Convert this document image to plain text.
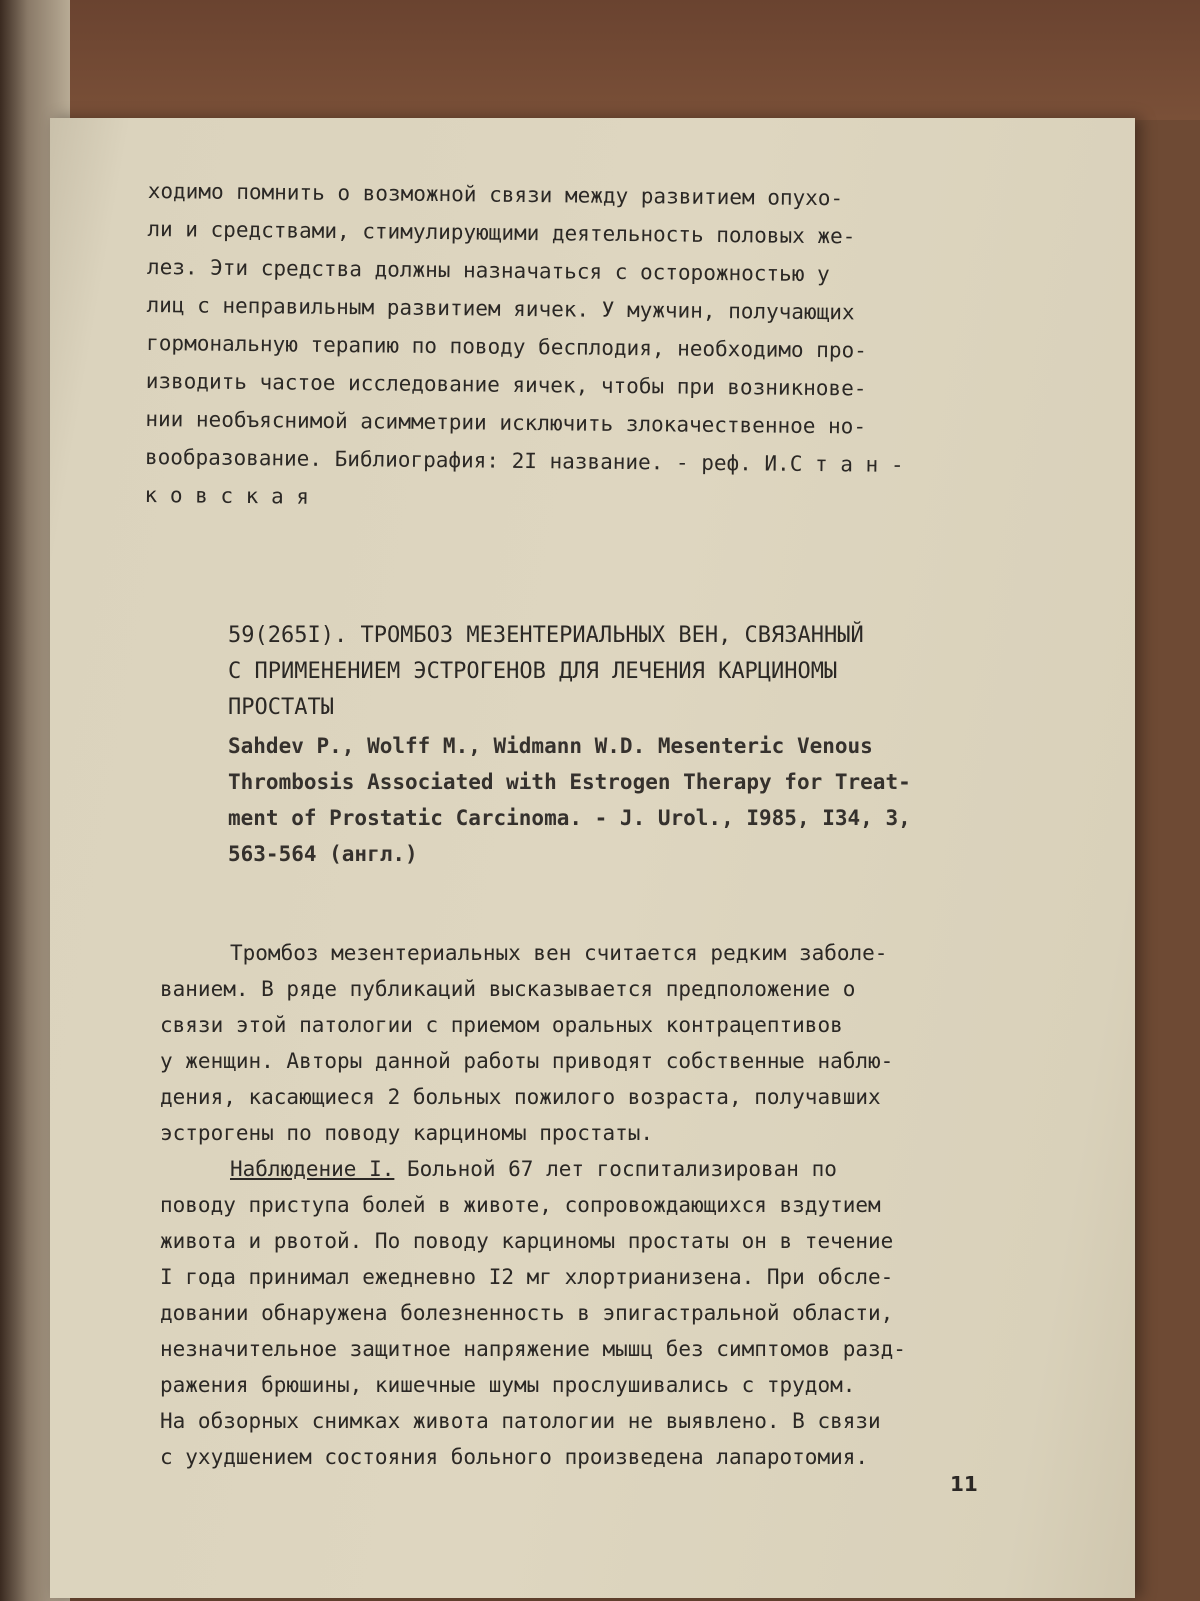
ходимо помнить о возможной связи между развитием опухо-
ли и средствами, стимулирующими деятельность половых же-
лез. Эти средства должны назначаться с осторожностью у
лиц с неправильным развитием яичек. У мужчин, получающих
гормональную терапию по поводу бесплодия, необходимо про-
изводить частое исследование яичек, чтобы при возникнове-
нии необъяснимой асимметрии исключить злокачественное но-
вообразование. Библиография: 2I название. - реф. И.С т а н -
к о в с к а я
59(265I). ТРОМБОЗ МЕЗЕНТЕРИАЛЬНЫХ ВЕН, СВЯЗАННЫЙ
С ПРИМЕНЕНИЕМ ЭСТРОГЕНОВ ДЛЯ ЛЕЧЕНИЯ КАРЦИНОМЫ
ПРОСТАТЫ
Sahdev P., Wolff M., Widmann W.D. Mesenteric Venous
Thrombosis Associated with Estrogen Therapy for Treat-
ment of Prostatic Carcinoma. - J. Urol., I985, I34, 3,
563-564 (англ.)
Тромбоз мезентериальных вен считается редким заболе-
ванием. В ряде публикаций высказывается предположение о
связи этой патологии с приемом оральных контрацептивов
у женщин. Авторы данной работы приводят собственные наблю-
дения, касающиеся 2 больных пожилого возраста, получавших
эстрогены по поводу карциномы простаты.
Наблюдение I. Больной 67 лет госпитализирован по
поводу приступа болей в животе, сопровождающихся вздутием
живота и рвотой. По поводу карциномы простаты он в течение
I года принимал ежедневно I2 мг хлортрианизена. При обсле-
довании обнаружена болезненность в эпигастральной области,
незначительное защитное напряжение мышц без симптомов разд-
ражения брюшины, кишечные шумы прослушивались с трудом.
На обзорных снимках живота патологии не выявлено. В связи
с ухудшением состояния больного произведена лапаротомия.
11
